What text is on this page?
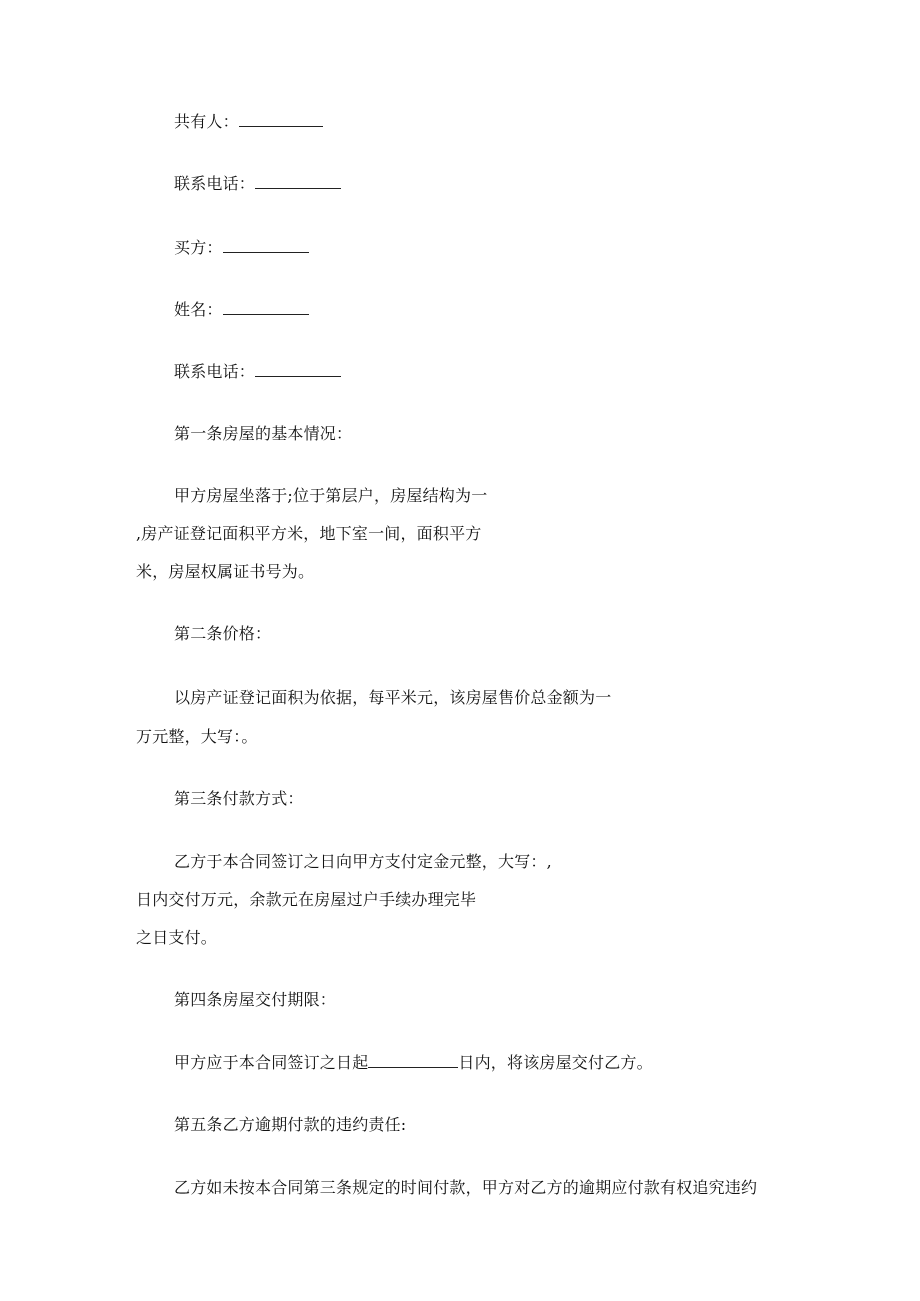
共有人：
联系电话：
买方：
姓名：
联系电话：
第一条房屋的基本情况：
甲方房屋坐落于;位于第层户，房屋结构为一
,房产证登记面积平方米，地下室一间，面积平方
米，房屋权属证书号为。
第二条价格：
以房产证登记面积为依据，每平米元，该房屋售价总金额为一
万元整，大写：。
第三条付款方式：
乙方于本合同签订之日向甲方支付定金元整，大写：,
日内交付万元，余款元在房屋过户手续办理完毕
之日支付。
第四条房屋交付期限：
甲方应于本合同签订之日起	日内，将该房屋交付乙方。
第五条乙方逾期付款的违约责任:
乙方如未按本合同第三条规定的时间付款，甲方对乙方的逾期应付款有权追究违约
